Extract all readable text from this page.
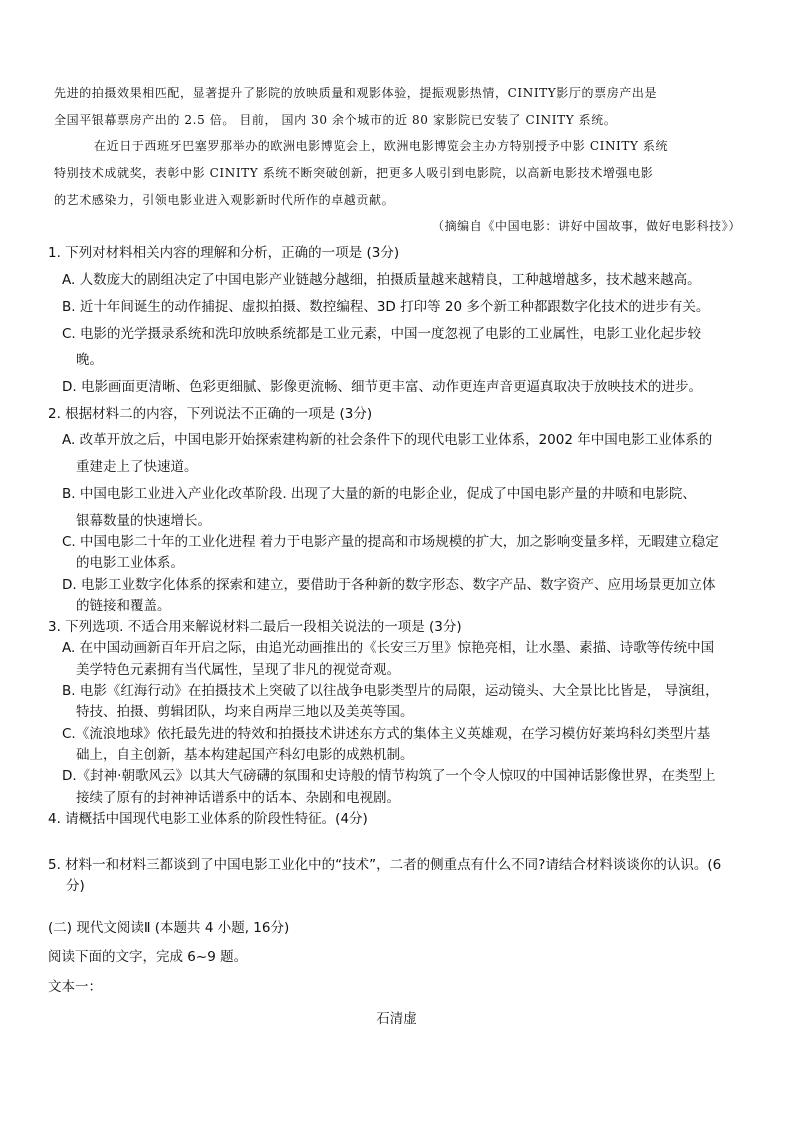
先进的拍摄效果相匹配，显著提升了影院的放映质量和观影体验，提振观影热情，CINITY影厅的票房产出是
全国平银幕票房产出的 2.5 倍。 目前， 国内 30 余个城市的近 80 家影院已安装了 CINITY 系统。
在近日于西班牙巴塞罗那举办的欧洲电影博览会上，欧洲电影博览会主办方特别授予中影 CINITY 系统
特别技术成就奖，表彰中影 CINITY 系统不断突破创新，把更多人吸引到电影院，以高新电影技术增强电影
的艺术感染力，引领电影业进入观影新时代所作的卓越贡献。
（摘编自《中国电影：讲好中国故事，做好电影科技》）
1. 下列对材料相关内容的理解和分析，正确的一项是 (3分)
A. 人数庞大的剧组决定了中国电影产业链越分越细，拍摄质量越来越精良，工种越增越多，技术越来越高。
B. 近十年间诞生的动作捕捉、虚拟拍摄、数控编程、3D 打印等 20 多个新工种都跟数字化技术的进步有关。
C. 电影的光学摄录系统和洗印放映系统都是工业元素，中国一度忽视了电影的工业属性，电影工业化起步较
晚。
D. 电影画面更清晰、色彩更细腻、影像更流畅、细节更丰富、动作更连声音更逼真取决于放映技术的进步。
2. 根据材料二的内容，下列说法不正确的一项是 (3分)
A. 改革开放之后，中国电影开始探索建构新的社会条件下的现代电影工业体系，2002 年中国电影工业体系的
重建走上了快速道。
B. 中国电影工业进入产业化改革阶段. 出现了大量的新的电影企业，促成了中国电影产量的井喷和电影院、
银幕数量的快速增长。
C. 中国电影二十年的工业化进程 着力于电影产量的提高和市场规模的扩大，加之影响变量多样，无暇建立稳定
的电影工业体系。
D. 电影工业数字化体系的探索和建立，要借助于各种新的数字形态、数字产品、数字资产、应用场景更加立体
的链接和覆盖。
3. 下列选项. 不适合用来解说材料二最后一段相关说法的一项是 (3分)
A. 在中国动画新百年开启之际，由追光动画推出的《长安三万里》惊艳亮相，让水墨、素描、诗歌等传统中国
美学特色元素拥有当代属性，呈现了非凡的视觉奇观。
B. 电影《红海行动》在拍摄技术上突破了以往战争电影类型片的局限，运动镜头、大全景比比皆是， 导演组，
特技、拍摄、剪辑团队，均来自两岸三地以及美英等国。
C.《流浪地球》依托最先进的特效和拍摄技术讲述东方式的集体主义英雄观，在学习模仿好莱坞科幻类型片基
础上，自主创新，基本构建起国产科幻电影的成熟机制。
D.《封神·朝歌风云》以其大气磅礴的氛围和史诗般的情节构筑了一个令人惊叹的中国神话影像世界，在类型上
接续了原有的封神神话谱系中的话本、杂剧和电视剧。
4. 请概括中国现代电影工业体系的阶段性特征。(4分)
5. 材料一和材料三都谈到了中国电影工业化中的“技术”，二者的侧重点有什么不同?请结合材料谈谈你的认识。(6
分)
(二) 现代文阅读Ⅱ (本题共 4 小题, 16分)
阅读下面的文字，完成 6~9 题。
文本一：
石清虚
